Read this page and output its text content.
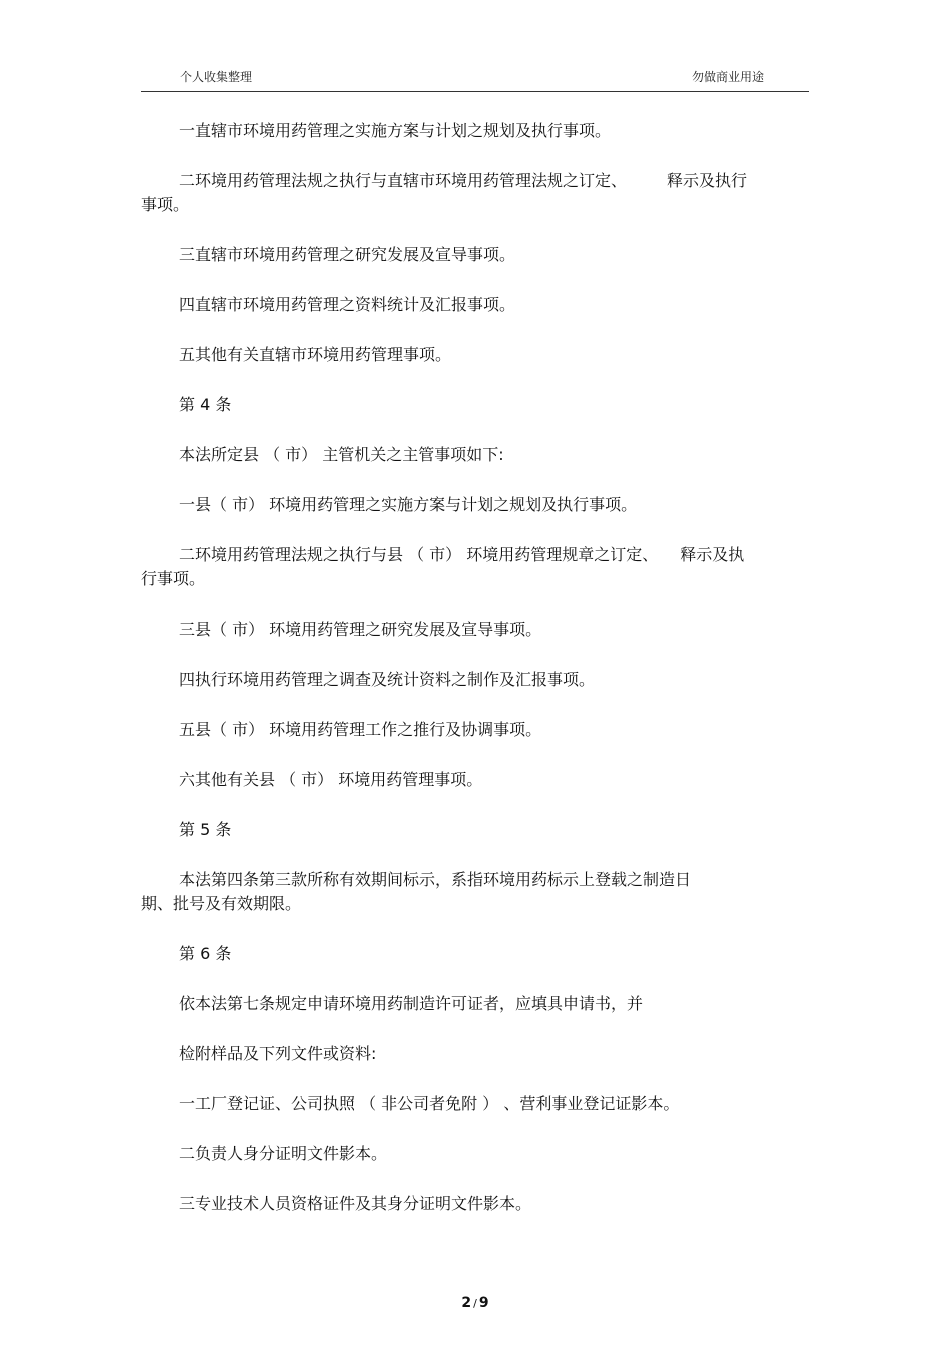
个人收集整理	勿做商业用途
一直辖市环境用药管理之实施方案与计划之规划及执行事项。
二环境用药管理法规之执行与直辖市环境用药管理法规之订定、	释示及执行
事项。
三直辖市环境用药管理之研究发展及宣导事项。
四直辖市环境用药管理之资料统计及汇报事项。
五其他有关直辖市环境用药管理事项。
第 4 条
本法所定县 （ 市） 主管机关之主管事项如下:
一县（ 市） 环境用药管理之实施方案与计划之规划及执行事项。
二环境用药管理法规之执行与县 （ 市） 环境用药管理规章之订定、 释示及执
行事项。
三县（ 市） 环境用药管理之研究发展及宣导事项。
四执行环境用药管理之调查及统计资料之制作及汇报事项。
五县（ 市） 环境用药管理工作之推行及协调事项。
六其他有关县 （ 市） 环境用药管理事项。
第 5 条
本法第四条第三款所称有效期间标示，系指环境用药标示上登载之制造日
期、批号及有效期限。
第 6 条
依本法第七条规定申请环境用药制造许可证者，应填具申请书，并
检附样品及下列文件或资料:
一工厂登记证、公司执照 （ 非公司者免附 ） 、营利事业登记证影本。
二负责人身分证明文件影本。
三专业技术人员资格证件及其身分证明文件影本。
2 / 9
